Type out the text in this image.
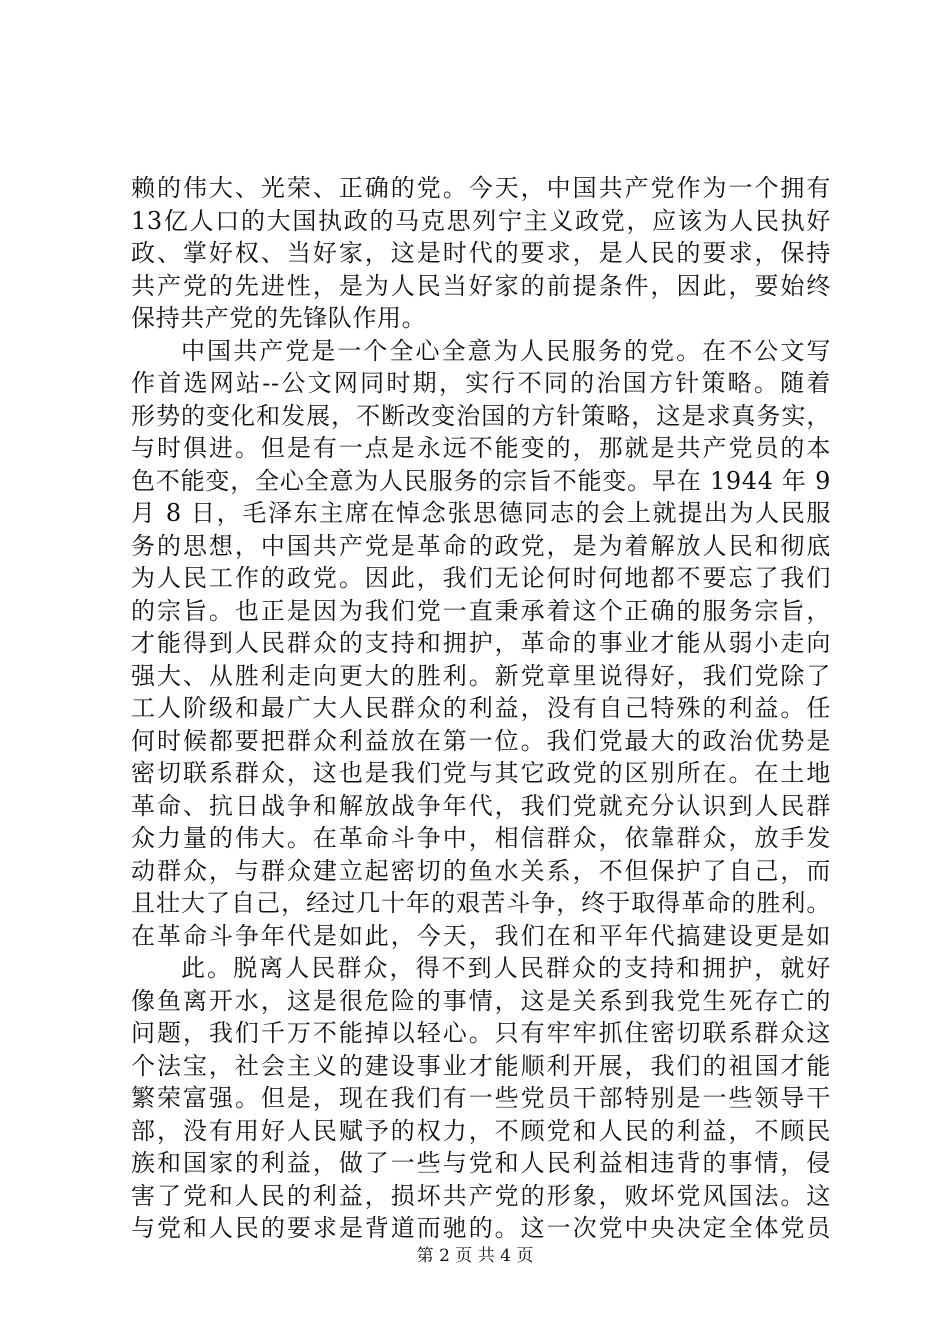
赖的伟大、光荣、正确的党。今天，中国共产党作为一个拥有
13亿人口的大国执政的马克思列宁主义政党，应该为人民执好
政、掌好权、当好家，这是时代的要求，是人民的要求，保持
共产党的先进性，是为人民当好家的前提条件，因此，要始终
保持共产党的先锋队作用。
中国共产党是一个全心全意为人民服务的党。在不公文写
作首选网站--公文网同时期，实行不同的治国方针策略。随着
形势的变化和发展，不断改变治国的方针策略，这是求真务实，
与时俱进。但是有一点是永远不能变的，那就是共产党员的本
色不能变，全心全意为人民服务的宗旨不能变。早在 1944 年 9
月 8 日，毛泽东主席在悼念张思德同志的会上就提出为人民服
务的思想，中国共产党是革命的政党，是为着解放人民和彻底
为人民工作的政党。因此，我们无论何时何地都不要忘了我们
的宗旨。也正是因为我们党一直秉承着这个正确的服务宗旨，
才能得到人民群众的支持和拥护，革命的事业才能从弱小走向
强大、从胜利走向更大的胜利。新党章里说得好，我们党除了
工人阶级和最广大人民群众的利益，没有自己特殊的利益。任
何时候都要把群众利益放在第一位。我们党最大的政治优势是
密切联系群众，这也是我们党与其它政党的区别所在。在土地
革命、抗日战争和解放战争年代，我们党就充分认识到人民群
众力量的伟大。在革命斗争中，相信群众，依靠群众，放手发
动群众，与群众建立起密切的鱼水关系，不但保护了自己，而
且壮大了自己，经过几十年的艰苦斗争，终于取得革命的胜利。
在革命斗争年代是如此，今天，我们在和平年代搞建设更是如
此。脱离人民群众，得不到人民群众的支持和拥护，就好
像鱼离开水，这是很危险的事情，这是关系到我党生死存亡的
问题，我们千万不能掉以轻心。只有牢牢抓住密切联系群众这
个法宝，社会主义的建设事业才能顺利开展，我们的祖国才能
繁荣富强。但是，现在我们有一些党员干部特别是一些领导干
部，没有用好人民赋予的权力，不顾党和人民的利益，不顾民
族和国家的利益，做了一些与党和人民利益相违背的事情，侵
害了党和人民的利益，损坏共产党的形象，败坏党风国法。这
与党和人民的要求是背道而驰的。这一次党中央决定全体党员
第 2 页 共 4 页
